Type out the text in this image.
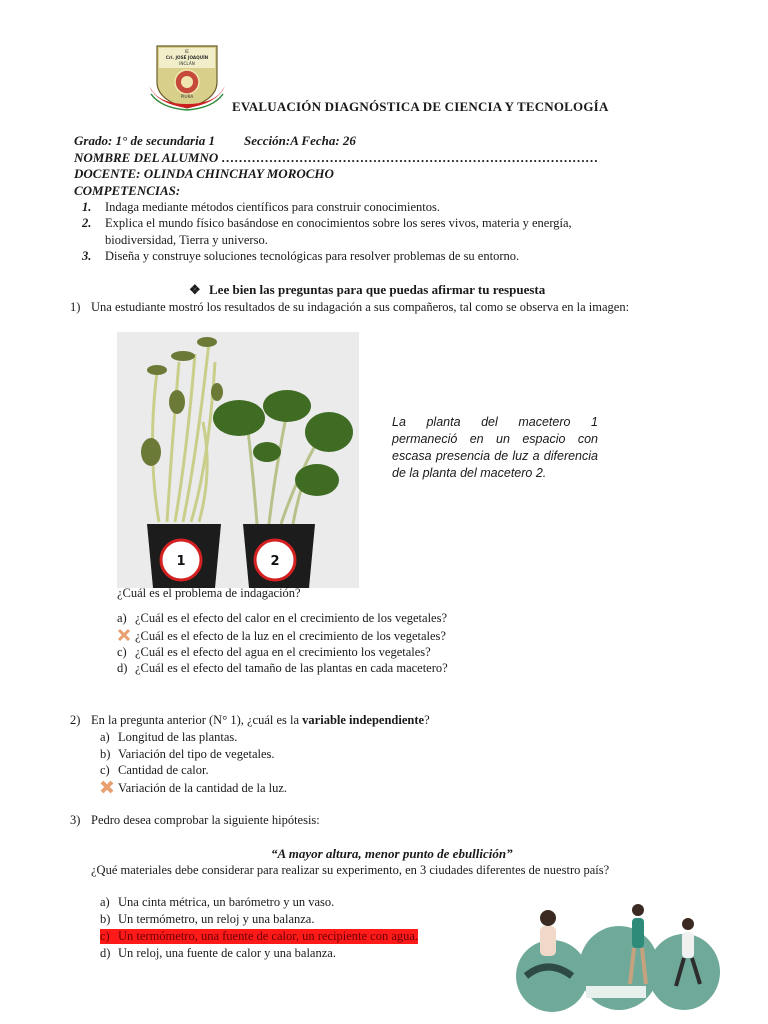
IE
Crl. JOSÉ JOAQUÍN
INCLÁN
PIURA
EVALUACIÓN DIAGNÓSTICA DE CIENCIA Y TECNOLOGÍA
Grado: 1° de secundaria 1 Sección:A Fecha: 26
NOMBRE DEL ALUMNO ……………………………………………………………………………
DOCENTE: OLINDA CHINCHAY MOROCHO
COMPETENCIAS:
1. Indaga mediante métodos científicos para construir conocimientos.
2. Explica el mundo físico basándose en conocimientos sobre los seres vivos, materia y energía,
biodiversidad, Tierra y universo.
3. Diseña y construye soluciones tecnológicas para resolver problemas de su entorno.
❖ Lee bien las preguntas para que puedas afirmar tu respuesta
1) Una estudiante mostró los resultados de su indagación a sus compañeros, tal como se observa en la imagen:
1	2
La planta del macetero 1 permaneció en un espacio con escasa presencia de luz a diferencia de la planta del macetero 2.
¿Cuál es el problema de indagación?
a) ¿Cuál es el efecto del calor en el crecimiento de los vegetales?
¿Cuál es el efecto de la luz en el crecimiento de los vegetales?
c) ¿Cuál es el efecto del agua en el crecimiento los vegetales?
d) ¿Cuál es el efecto del tamaño de las plantas en cada macetero?
2) En la pregunta anterior (N° 1), ¿cuál es la variable independiente?
a) Longitud de las plantas.
b) Variación del tipo de vegetales.
c) Cantidad de calor.
Variación de la cantidad de la luz.
3) Pedro desea comprobar la siguiente hipótesis:
“A mayor altura, menor punto de ebullición”
¿Qué materiales debe considerar para realizar su experimento, en 3 ciudades diferentes de nuestro país?
a) Una cinta métrica, un barómetro y un vaso.
b) Un termómetro, un reloj y una balanza.
c) Un termómetro, una fuente de calor, un recipiente con agua.
d) Un reloj, una fuente de calor y una balanza.
